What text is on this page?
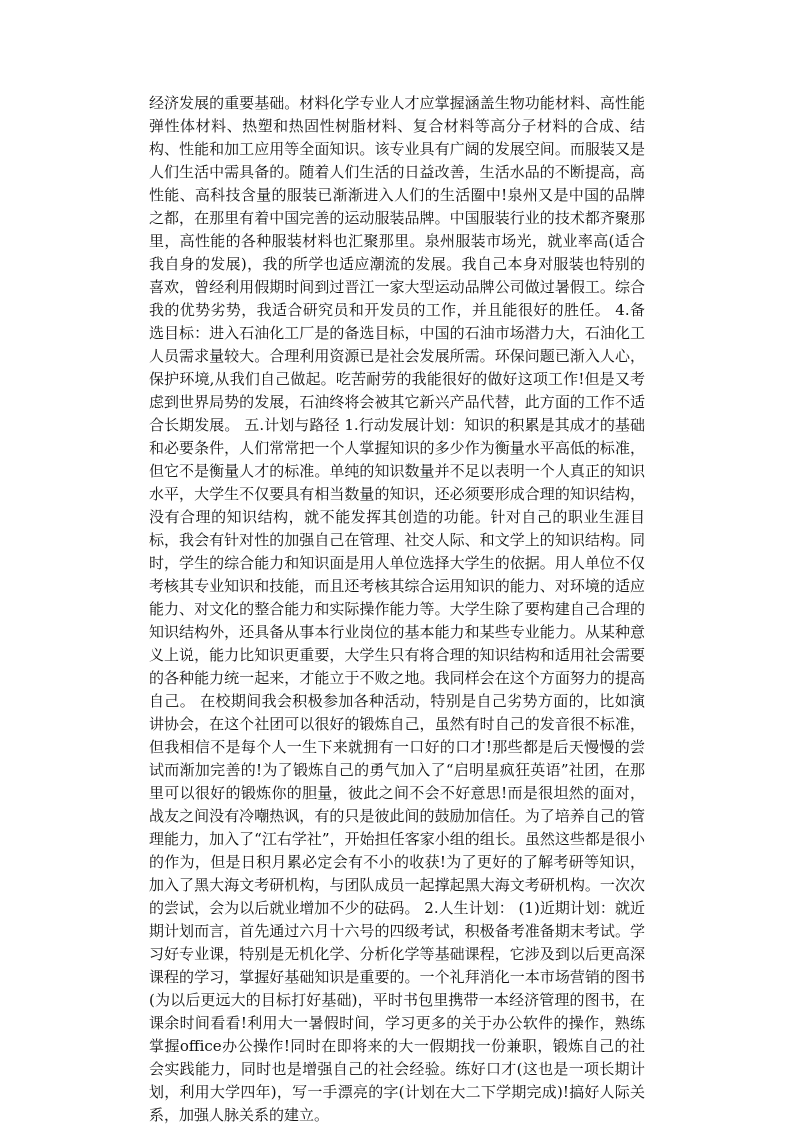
经济发展的重要基础。材料化学专业人才应掌握涵盖生物功能材料、高性能弹性体材料、热塑和热固性树脂材料、复合材料等高分子材料的合成、结构、性能和加工应用等全面知识。该专业具有广阔的发展空间。而服装又是人们生活中需具备的。随着人们生活的日益改善，生活水品的不断提高，高性能、高科技含量的服装已渐渐进入人们的生活圈中!泉州又是中国的品牌之都，在那里有着中国完善的运动服装品牌。中国服装行业的技术都齐聚那里，高性能的各种服装材料也汇聚那里。泉州服装市场光，就业率高(适合我自身的发展)，我的所学也适应潮流的发展。我自己本身对服装也特别的喜欢，曾经利用假期时间到过晋江一家大型运动品牌公司做过暑假工。综合我的优势劣势，我适合研究员和开发员的工作，并且能很好的胜任。 4.备选目标：进入石油化工厂是的备选目标，中国的石油市场潜力大，石油化工人员需求量较大。合理利用资源已是社会发展所需。环保问题已渐入人心，保护环境,从我们自己做起。吃苦耐劳的我能很好的做好这项工作!但是又考虑到世界局势的发展，石油终将会被其它新兴产品代替，此方面的工作不适合长期发展。 五.计划与路径 1.行动发展计划：知识的积累是其成才的基础和必要条件，人们常常把一个人掌握知识的多少作为衡量水平高低的标准，但它不是衡量人才的标准。单纯的知识数量并不足以表明一个人真正的知识水平，大学生不仅要具有相当数量的知识，还必须要形成合理的知识结构，没有合理的知识结构，就不能发挥其创造的功能。针对自己的职业生涯目标，我会有针对性的加强自己在管理、社交人际、和文学上的知识结构。同时，学生的综合能力和知识面是用人单位选择大学生的依据。用人单位不仅考核其专业知识和技能，而且还考核其综合运用知识的能力、对环境的适应能力、对文化的整合能力和实际操作能力等。大学生除了要构建自己合理的知识结构外，还具备从事本行业岗位的基本能力和某些专业能力。从某种意义上说，能力比知识更重要，大学生只有将合理的知识结构和适用社会需要的各种能力统一起来，才能立于不败之地。我同样会在这个方面努力的提高自己。 在校期间我会积极参加各种活动，特别是自己劣势方面的，比如演讲协会，在这个社团可以很好的锻炼自己，虽然有时自己的发音很不标准，但我相信不是每个人一生下来就拥有一口好的口才!那些都是后天慢慢的尝试而渐加完善的!为了锻炼自己的勇气加入了“启明星疯狂英语”社团，在那里可以很好的锻炼你的胆量，彼此之间不会不好意思!而是很坦然的面对，战友之间没有冷嘲热讽，有的只是彼此间的鼓励加信任。为了培养自己的管理能力，加入了“江右学社”，开始担任客家小组的组长。虽然这些都是很小的作为，但是日积月累必定会有不小的收获!为了更好的了解考研等知识，加入了黑大海文考研机构，与团队成员一起撑起黑大海文考研机构。一次次的尝试，会为以后就业增加不少的砝码。 2.人生计划： (1)近期计划：就近期计划而言，首先通过六月十六号的四级考试，积极备考准备期末考试。学习好专业课，特别是无机化学、分析化学等基础课程，它涉及到以后更高深课程的学习，掌握好基础知识是重要的。一个礼拜消化一本市场营销的图书(为以后更远大的目标打好基础)，平时书包里携带一本经济管理的图书，在课余时间看看!利用大一暑假时间，学习更多的关于办公软件的操作，熟练掌握office办公操作!同时在即将来的大一假期找一份兼职，锻炼自己的社会实践能力，同时也是增强自己的社会经验。练好口才(这也是一项长期计划，利用大学四年)，写一手漂亮的字(计划在大二下学期完成)!搞好人际关系，加强人脉关系的建立。
